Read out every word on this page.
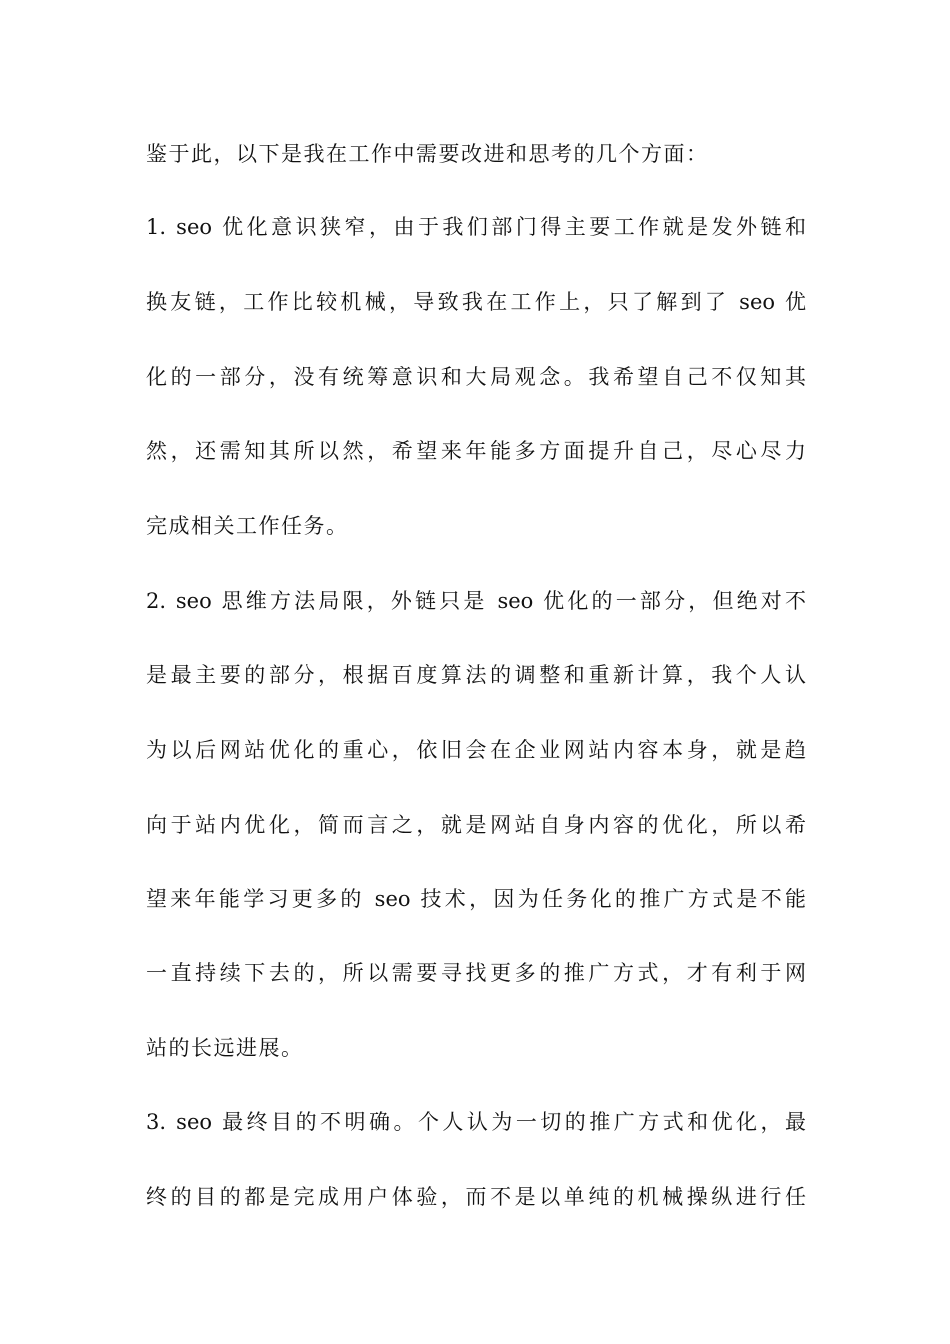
鉴于此，以下是我在工作中需要改进和思考的几个方面：

1. seo 优化意识狭窄，由于我们部门得主要工作就是发外链和

换友链，工作比较机械，导致我在工作上，只了解到了 seo 优

化的一部分，没有统筹意识和大局观念。我希望自己不仅知其

然，还需知其所以然，希望来年能多方面提升自己，尽心尽力

完成相关工作任务。

2. seo 思维方法局限，外链只是 seo 优化的一部分，但绝对不

是最主要的部分，根据百度算法的调整和重新计算，我个人认

为以后网站优化的重心，依旧会在企业网站内容本身，就是趋

向于站内优化，简而言之，就是网站自身内容的优化，所以希

望来年能学习更多的 seo 技术，因为任务化的推广方式是不能

一直持续下去的，所以需要寻找更多的推广方式，才有利于网

站的长远进展。

3. seo 最终目的不明确。个人认为一切的推广方式和优化，最

终的目的都是完成用户体验，而不是以单纯的机械操纵进行任
